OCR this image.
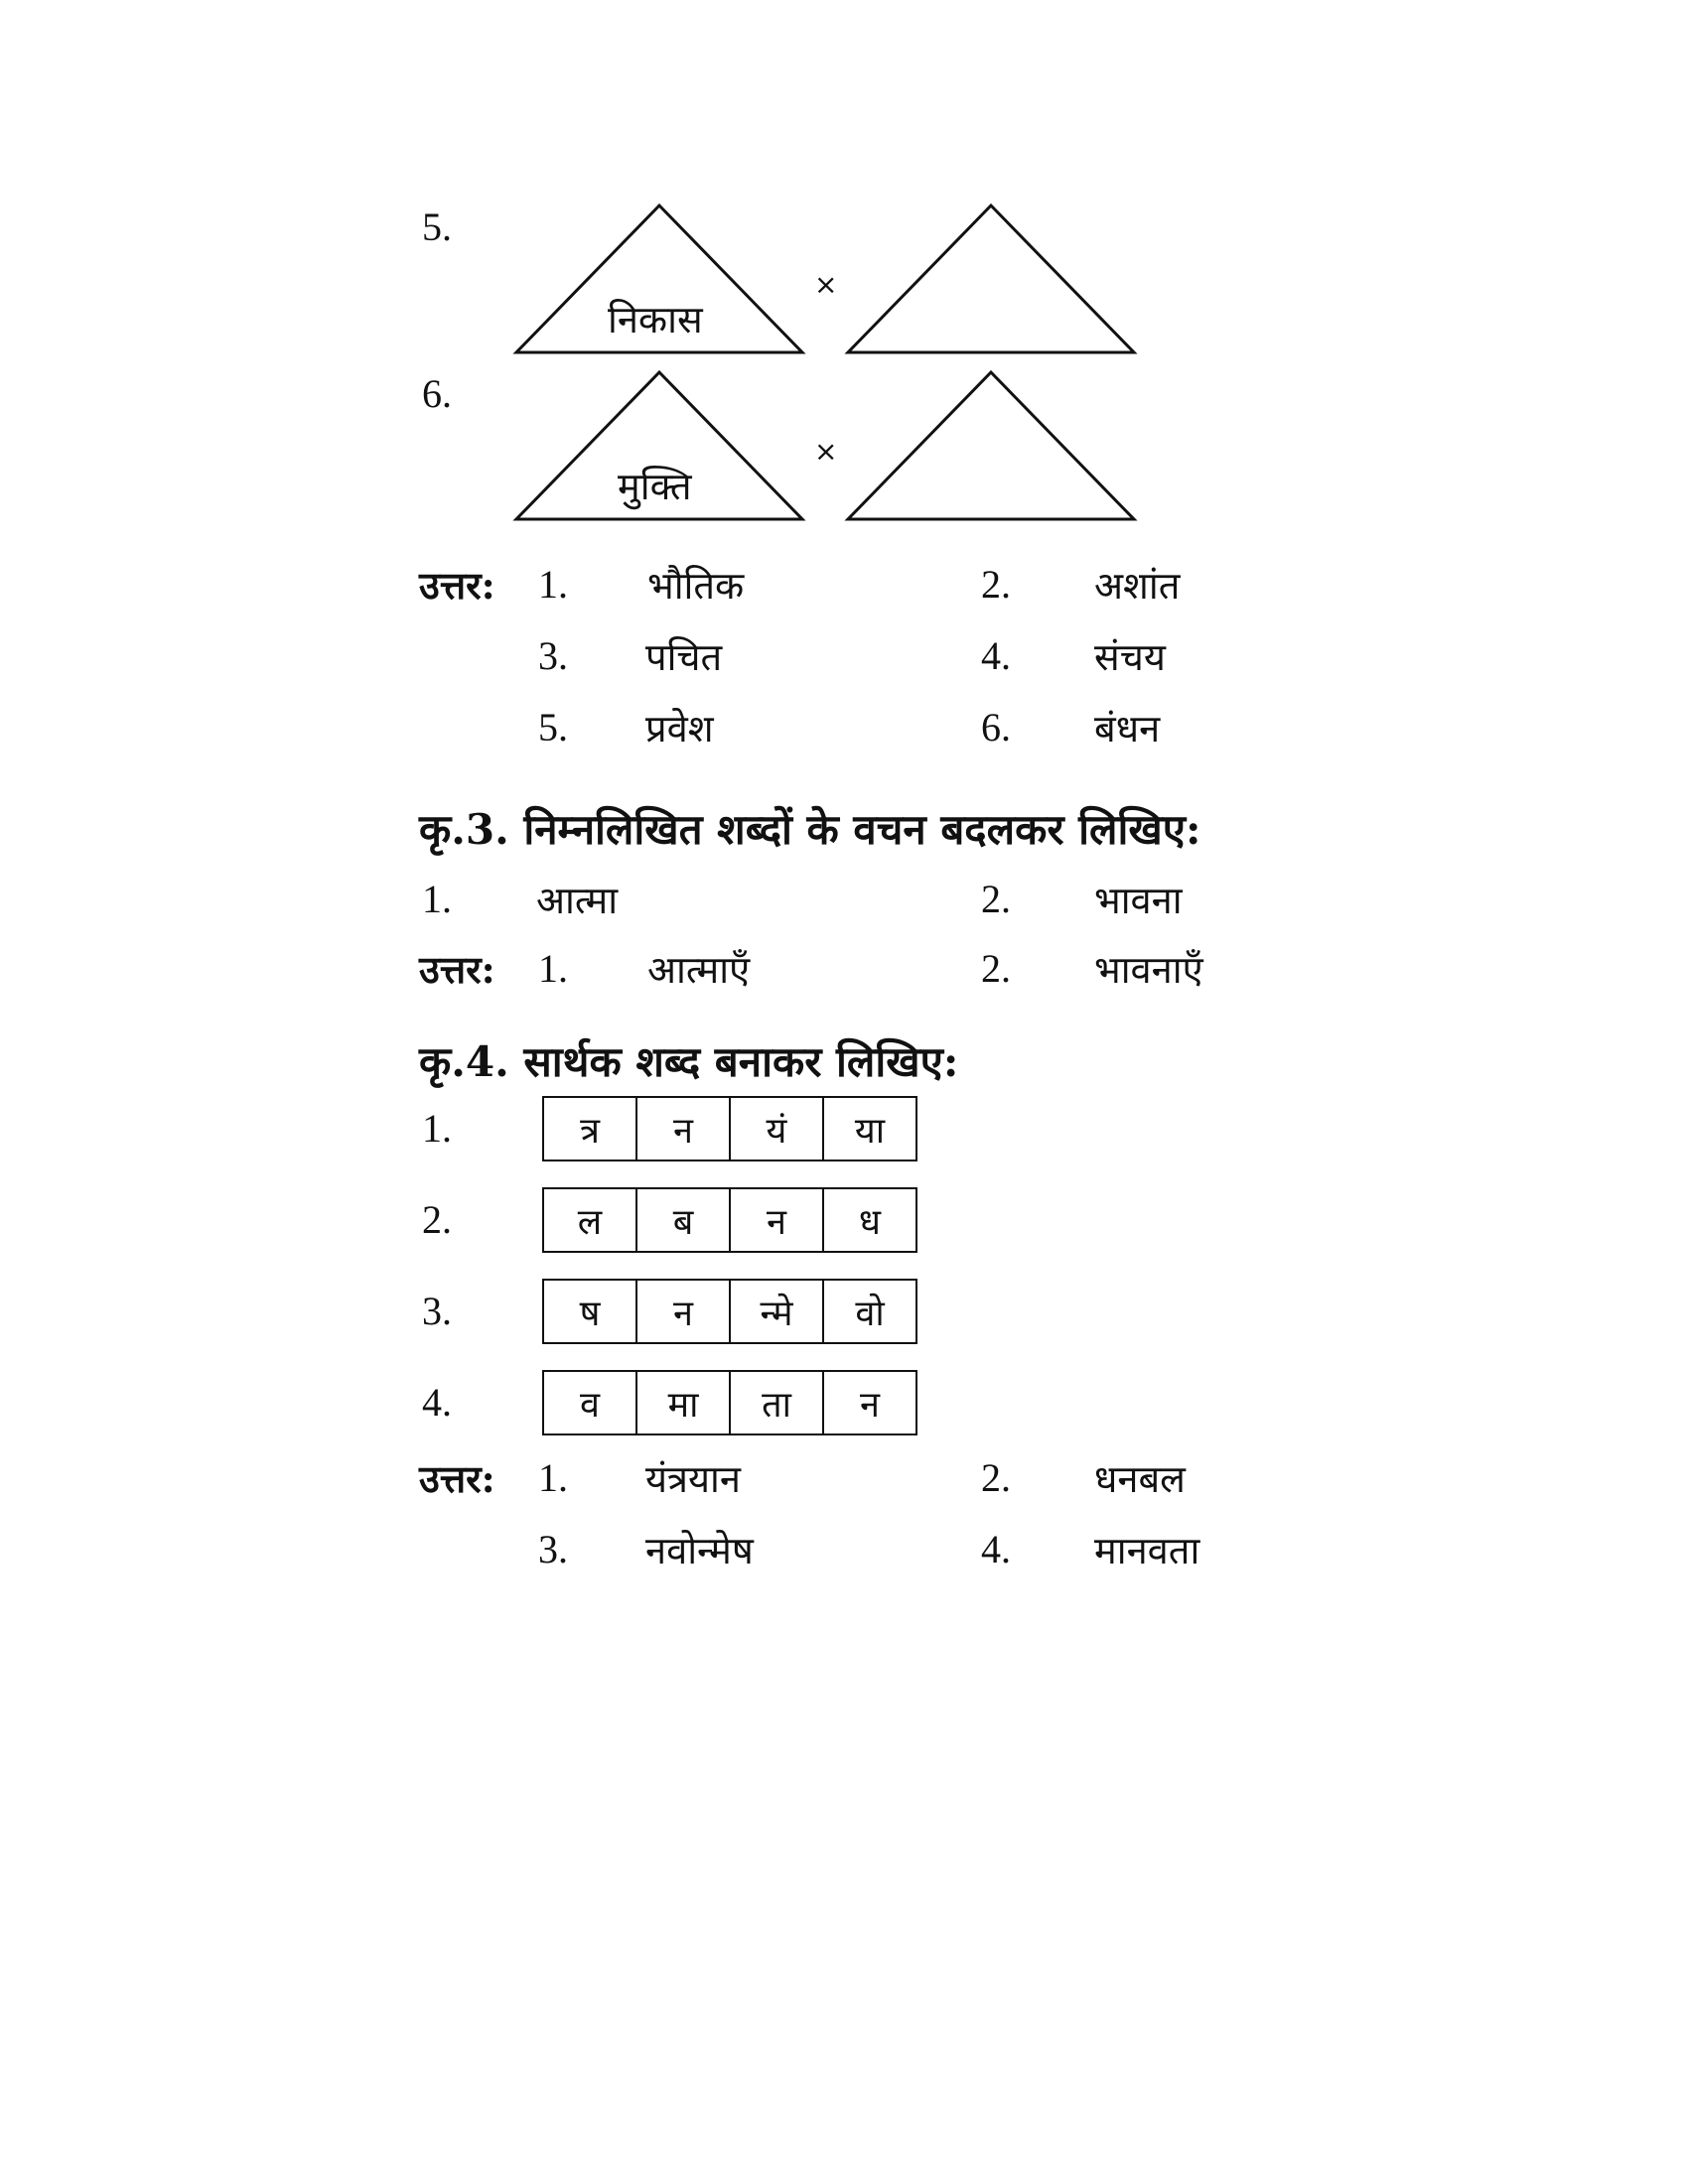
5.
निकास
×
6.
मुक्ति
×
उत्तर: 1. भौतिक	2. अशांत
3. पचित	4. संचय
5. प्रवेश	6. बंधन
कृ.3. निम्नलिखित शब्दों के वचन बदलकर लिखिए:
1. आत्मा	2. भावना
उत्तर: 1. आत्माएँ	2. भावनाएँ
कृ.4. सार्थक शब्द बनाकर लिखिए:
1.	त्र	न	यं	या
2.	ल	ब	न	ध
3.	ष	न	न्मे	वो
4.	व	मा	ता	न
उत्तर: 1. यंत्रयान	2. धनबल
3. नवोन्मेष	4. मानवता
